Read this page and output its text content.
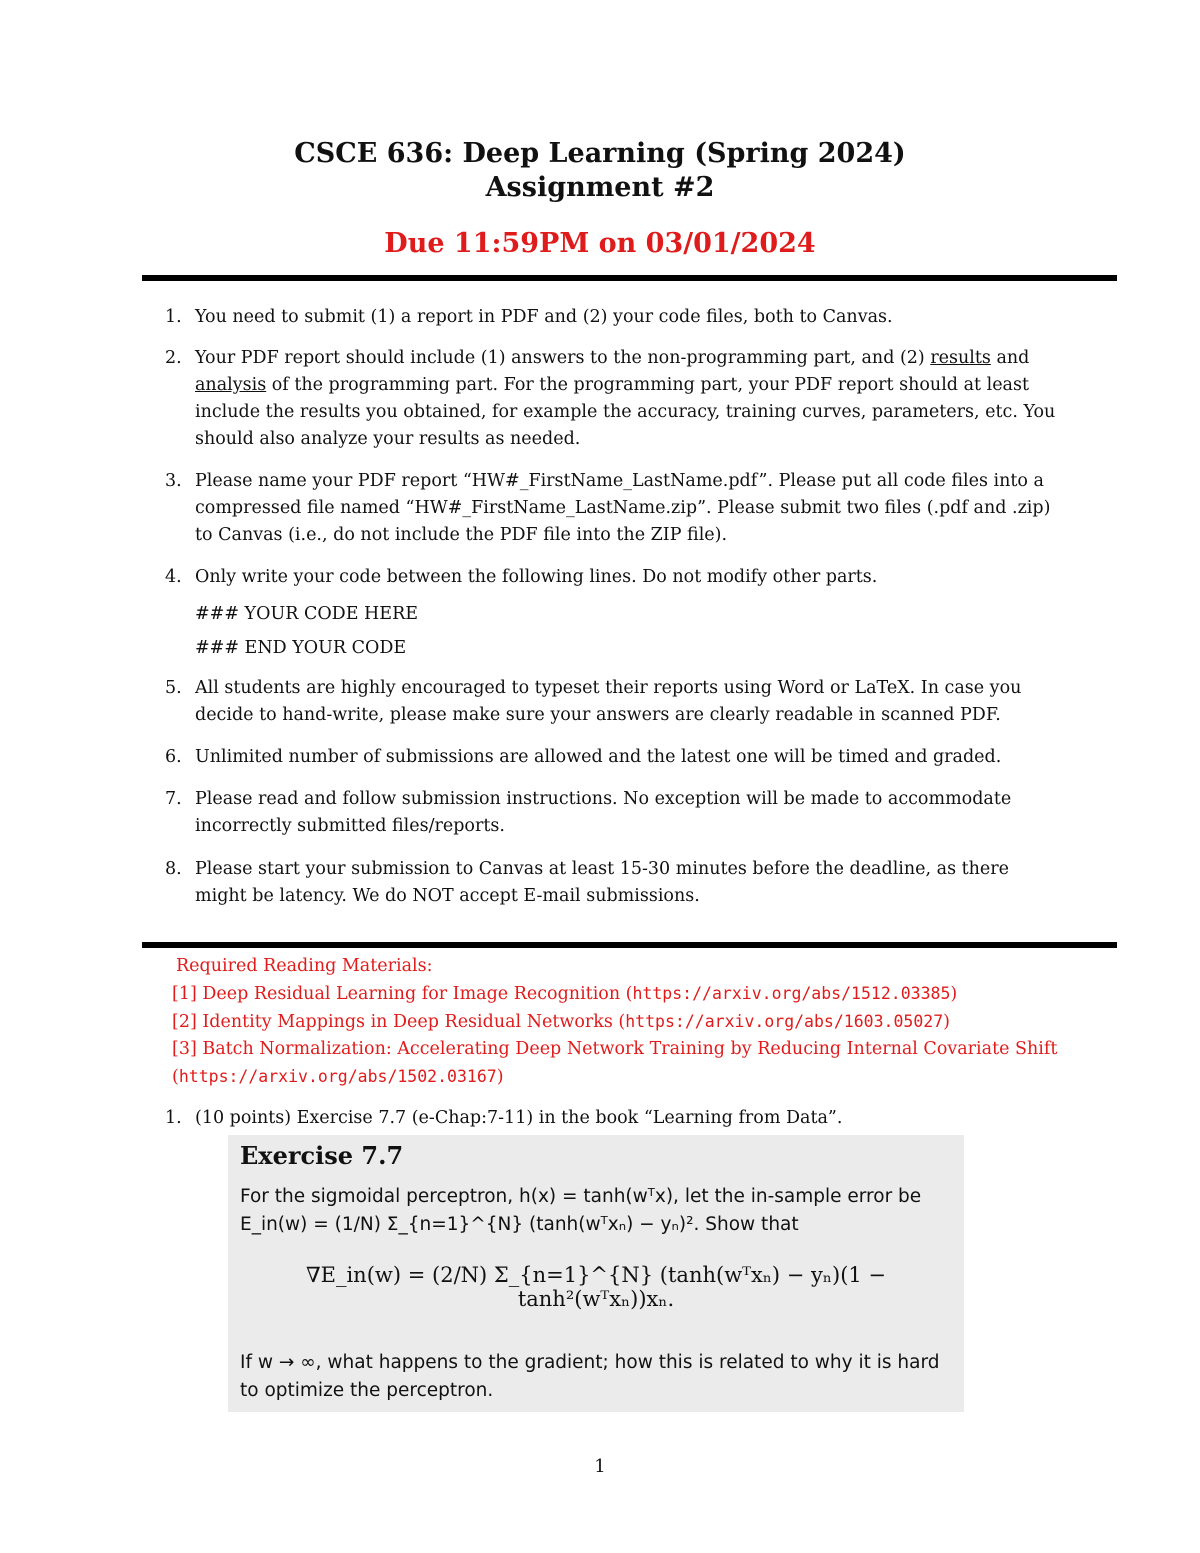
CSCE 636: Deep Learning (Spring 2024)
Assignment #2
Due 11:59PM on 03/01/2024
1. You need to submit (1) a report in PDF and (2) your code files, both to Canvas.
2. Your PDF report should include (1) answers to the non-programming part, and (2) results and analysis of the programming part. For the programming part, your PDF report should at least include the results you obtained, for example the accuracy, training curves, parameters, etc. You should also analyze your results as needed.
3. Please name your PDF report “HW#_FirstName_LastName.pdf”. Please put all code files into a compressed file named “HW#_FirstName_LastName.zip”. Please submit two files (.pdf and .zip) to Canvas (i.e., do not include the PDF file into the ZIP file).
4. Only write your code between the following lines. Do not modify other parts.
### YOUR CODE HERE
### END YOUR CODE
5. All students are highly encouraged to typeset their reports using Word or LaTeX. In case you decide to hand-write, please make sure your answers are clearly readable in scanned PDF.
6. Unlimited number of submissions are allowed and the latest one will be timed and graded.
7. Please read and follow submission instructions. No exception will be made to accommodate incorrectly submitted files/reports.
8. Please start your submission to Canvas at least 15-30 minutes before the deadline, as there might be latency. We do NOT accept E-mail submissions.
Required Reading Materials:
[1] Deep Residual Learning for Image Recognition (https://arxiv.org/abs/1512.03385)
[2] Identity Mappings in Deep Residual Networks (https://arxiv.org/abs/1603.05027)
[3] Batch Normalization: Accelerating Deep Network Training by Reducing Internal Covariate Shift (https://arxiv.org/abs/1502.03167)
1. (10 points) Exercise 7.7 (e-Chap:7-11) in the book “Learning from Data”.
Exercise 7.7
For the sigmoidal perceptron, h(x) = tanh(wᵀx), let the in-sample error be E_in(w) = (1/N) Σ_{n=1}^{N} (tanh(wᵀxₙ) − yₙ)². Show that
∇E_in(w) = (2/N) Σ_{n=1}^{N} (tanh(wᵀxₙ) − yₙ)(1 − tanh²(wᵀxₙ))xₙ.
If w → ∞, what happens to the gradient; how this is related to why it is hard to optimize the perceptron.
1
